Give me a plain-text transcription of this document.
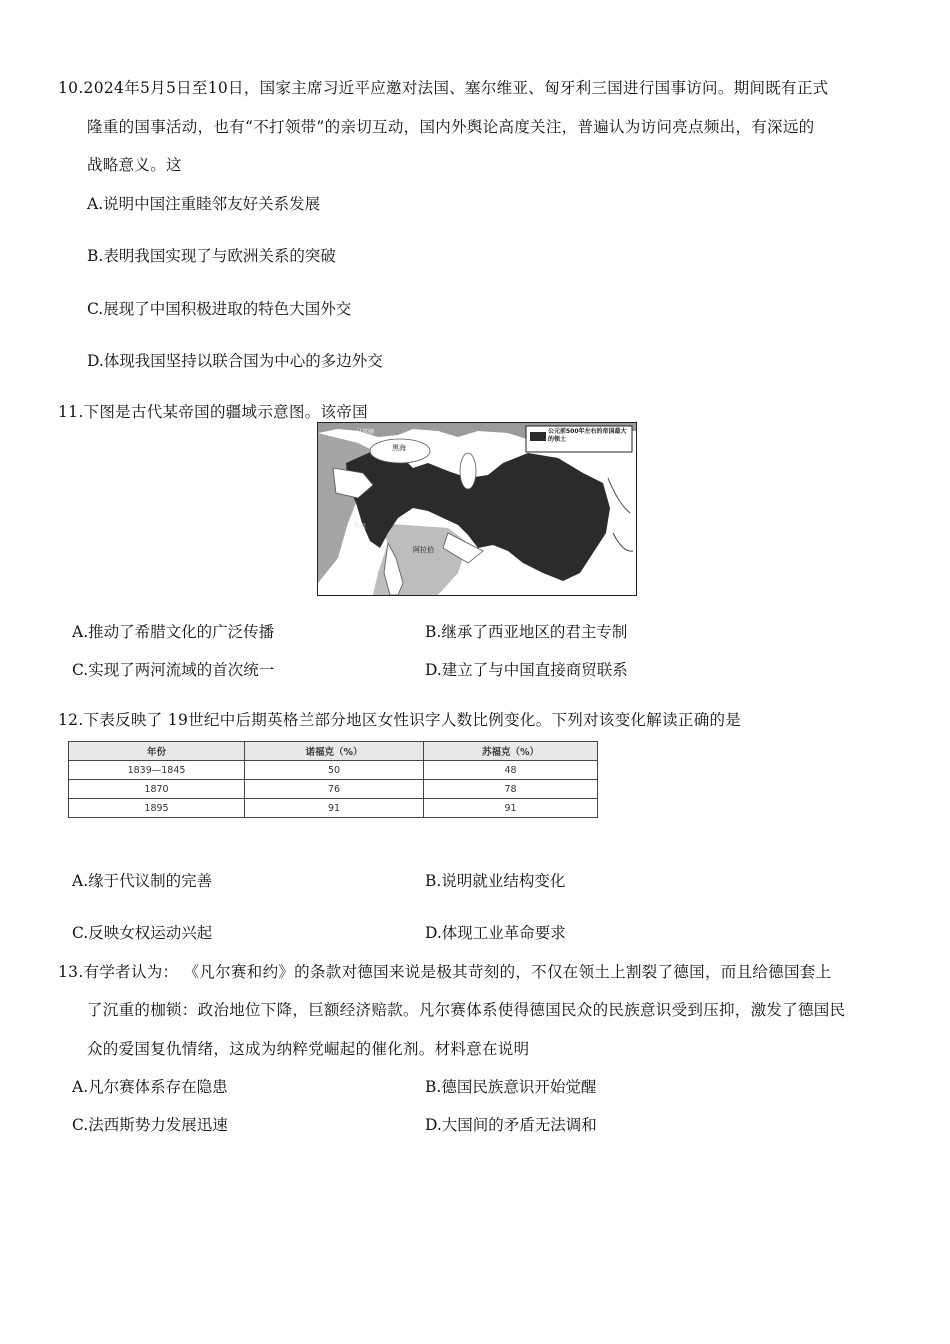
10.2024年5月5日至10日，国家主席习近平应邀对法国、塞尔维亚、匈牙利三国进行国事访问。期间既有正式
隆重的国事活动，也有“不打领带”的亲切互动，国内外舆论高度关注，普遍认为访问亮点频出，有深远的
战略意义。这
A.说明中国注重睦邻友好关系发展
B.表明我国实现了与欧洲关系的突破
C.展现了中国积极进取的特色大国外交
D.体现我国坚持以联合国为中心的多边外交
11.下图是古代某帝国的疆域示意图。该帝国
公元前500年左右的帝国最大的领土
黑海
马其顿
阿拉伯
埃及
A.推动了希腊文化的广泛传播	B.继承了西亚地区的君主专制
C.实现了两河流域的首次统一	D.建立了与中国直接商贸联系
12.下表反映了 19世纪中后期英格兰部分地区女性识字人数比例变化。下列对该变化解读正确的是
年份	诺福克（%）	苏福克（%）
1839—1845	50	48
1870	76	78
1895	91	91
A.缘于代议制的完善	B.说明就业结构变化
C.反映女权运动兴起	D.体现工业革命要求
13.有学者认为： 《凡尔赛和约》的条款对德国来说是极其苛刻的，不仅在领土上割裂了德国，而且给德国套上
了沉重的枷锁：政治地位下降，巨额经济赔款。凡尔赛体系使得德国民众的民族意识受到压抑，激发了德国民
众的爱国复仇情绪，这成为纳粹党崛起的催化剂。材料意在说明
A.凡尔赛体系存在隐患	B.德国民族意识开始觉醒
C.法西斯势力发展迅速	D.大国间的矛盾无法调和
